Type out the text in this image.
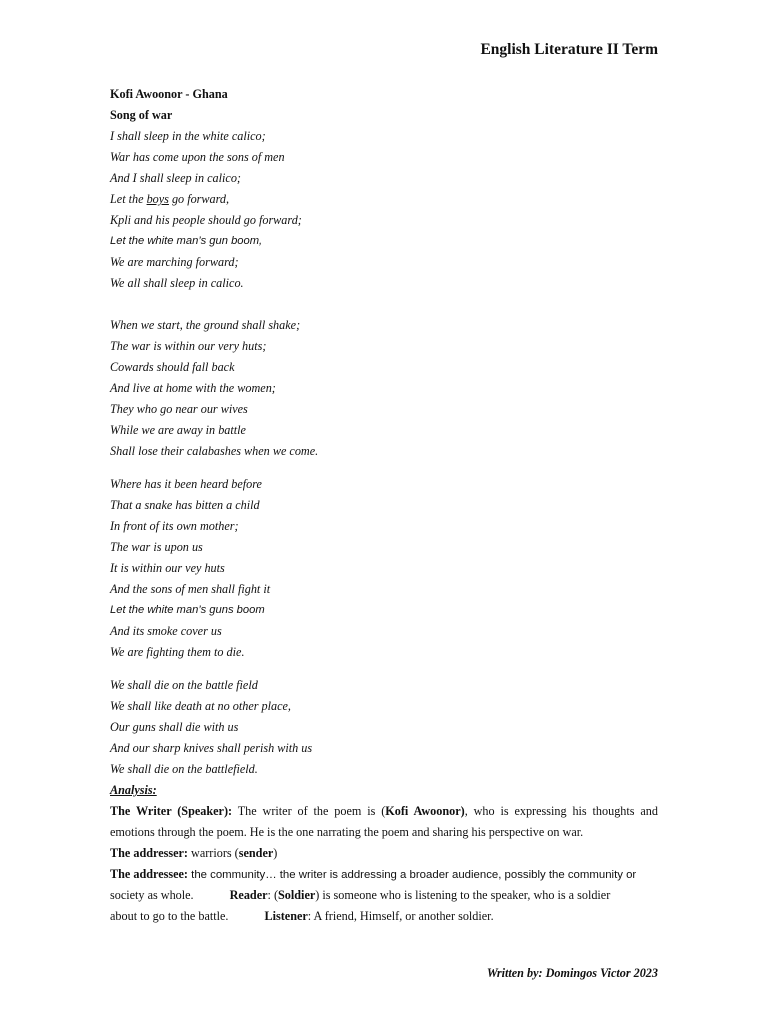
English Literature II Term
Kofi Awoonor - Ghana
Song of war
I shall sleep in the white calico;
War has come upon the sons of men
And I shall sleep in calico;
Let the boys go forward,
Kpli and his people should go forward;
Let the white man’s gun boom,
We are marching forward;
We all shall sleep in calico.
When we start, the ground shall shake;
The war is within our very huts;
Cowards should fall back
And live at home with the women;
They who go near our wives
While we are away in battle
Shall lose their calabashes when we come.
Where has it been heard before
That a snake has bitten a child
In front of its own mother;
The war is upon us
It is within our vey huts
And the sons of men shall fight it
Let the white man’s guns boom
And its smoke cover us
We are fighting them to die.
We shall die on the battle field
We shall like death at no other place,
Our guns shall die with us
And our sharp knives shall perish with us
We shall die on the battlefield.
Analysis:
The Writer (Speaker): The writer of the poem is (Kofi Awoonor), who is expressing his thoughts and emotions through the poem. He is the one narrating the poem and sharing his perspective on war.
The addresser: warriors (sender)
The addressee: the community… the writer is addressing a broader audience, possibly the community or
society as whole.	Reader: (Soldier) is someone who is listening to the speaker, who is a soldier
about to go to the battle.	Listener: A friend, Himself, or another soldier.
Written by: Domingos Victor 2023
